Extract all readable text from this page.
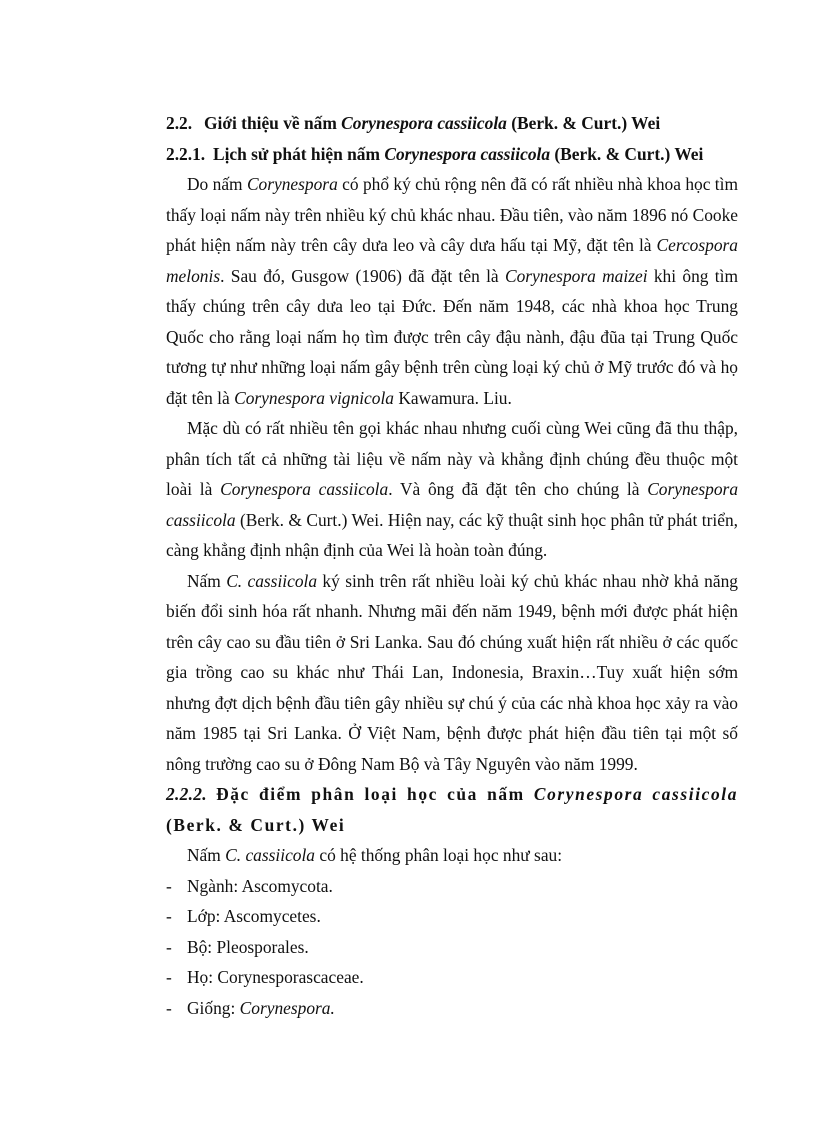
2.2. Giới thiệu về nấm Corynespora cassiicola (Berk. & Curt.) Wei

2.2.1. Lịch sử phát hiện nấm Corynespora cassiicola (Berk. & Curt.) Wei

Do nấm Corynespora có phổ ký chủ rộng nên đã có rất nhiều nhà khoa học tìm thấy loại nấm này trên nhiều ký chủ khác nhau. Đầu tiên, vào năm 1896 nó Cooke phát hiện nấm này trên cây dưa leo và cây dưa hấu tại Mỹ, đặt tên là Cercospora melonis. Sau đó, Gusgow (1906) đã đặt tên là Corynespora maizei khi ông tìm thấy chúng trên cây dưa leo tại Đức. Đến năm 1948, các nhà khoa học Trung Quốc cho rằng loại nấm họ tìm được trên cây đậu nành, đậu đũa tại Trung Quốc tương tự như những loại nấm gây bệnh trên cùng loại ký chủ ở Mỹ trước đó và họ đặt tên là Corynespora vignicola Kawamura. Liu.

Mặc dù có rất nhiều tên gọi khác nhau nhưng cuối cùng Wei cũng đã thu thập, phân tích tất cả những tài liệu về nấm này và khẳng định chúng đều thuộc một loài là Corynespora cassiicola. Và ông đã đặt tên cho chúng là Corynespora cassiicola (Berk. & Curt.) Wei. Hiện nay, các kỹ thuật sinh học phân tử phát triển, càng khẳng định nhận định của Wei là hoàn toàn đúng.

Nấm C. cassiicola ký sinh trên rất nhiều loài ký chủ khác nhau nhờ khả năng biến đổi sinh hóa rất nhanh. Nhưng mãi đến năm 1949, bệnh mới được phát hiện trên cây cao su đầu tiên ở Sri Lanka. Sau đó chúng xuất hiện rất nhiều ở các quốc gia trồng cao su khác như Thái Lan, Indonesia, Braxin…Tuy xuất hiện sớm nhưng đợt dịch bệnh đầu tiên gây nhiều sự chú ý của các nhà khoa học xảy ra vào năm 1985 tại Sri Lanka. Ở Việt Nam, bệnh được phát hiện đầu tiên tại một số nông trường cao su ở Đông Nam Bộ và Tây Nguyên vào năm 1999.

2.2.2. Đặc điểm phân loại học của nấm Corynespora cassiicola

(Berk. & Curt.) Wei

Nấm C. cassiicola có hệ thống phân loại học như sau:

- Ngành: Ascomycota.
- Lớp: Ascomycetes.
- Bộ: Pleosporales.
- Họ: Corynesporascaceae.
- Giống: Corynespora.
